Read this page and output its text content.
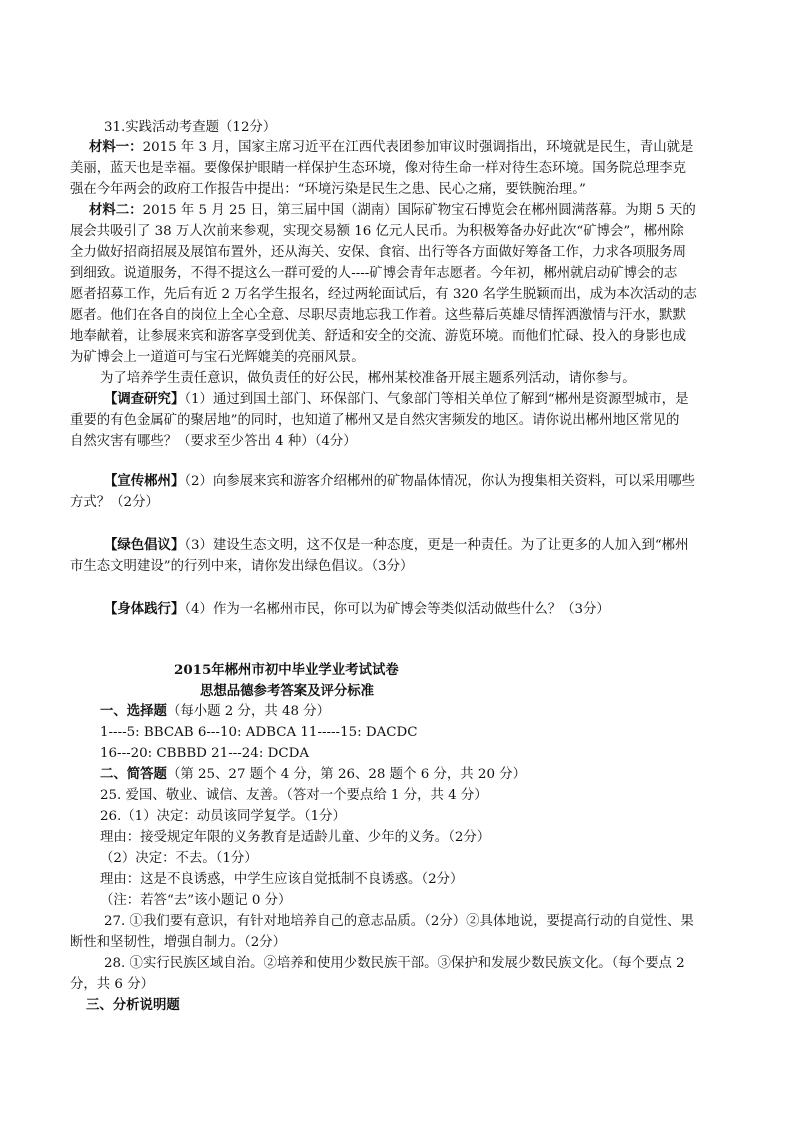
31.实践活动考查题（12分）
材料一：2015 年 3 月，国家主席习近平在江西代表团参加审议时强调指出，环境就是民生，青山就是
美丽，蓝天也是幸福。要像保护眼睛一样保护生态环境，像对待生命一样对待生态环境。国务院总理李克
强在今年两会的政府工作报告中提出：“环境污染是民生之患、民心之痛，要铁腕治理。”
材料二：2015 年 5 月 25 日，第三届中国（湖南）国际矿物宝石博览会在郴州圆满落幕。为期 5 天的
展会共吸引了 38 万人次前来参观，实现交易额 16 亿元人民币。为积极筹备办好此次“矿博会”，郴州除
全力做好招商招展及展馆布置外，还从海关、安保、食宿、出行等各方面做好筹备工作，力求各项服务周
到细致。说道服务，不得不提这么一群可爱的人----矿博会青年志愿者。今年初，郴州就启动矿博会的志
愿者招募工作，先后有近 2 万名学生报名，经过两轮面试后，有 320 名学生脱颖而出，成为本次活动的志
愿者。他们在各自的岗位上全心全意、尽职尽责地忘我工作着。这些幕后英雄尽情挥洒激情与汗水，默默
地奉献着，让参展来宾和游客享受到优美、舒适和安全的交流、游览环境。而他们忙碌、投入的身影也成
为矿博会上一道道可与宝石光辉媲美的亮丽风景。
为了培养学生责任意识，做负责任的好公民，郴州某校准备开展主题系列活动，请你参与。
【调查研究】（1）通过到国土部门、环保部门、气象部门等相关单位了解到“郴州是资源型城市，是
重要的有色金属矿的聚居地”的同时，也知道了郴州又是自然灾害频发的地区。请你说出郴州地区常见的
自然灾害有哪些？（要求至少答出 4 种）（4分）
【宣传郴州】（2）向参展来宾和游客介绍郴州的矿物晶体情况，你认为搜集相关资料，可以采用哪些
方式？（2分）
【绿色倡议】（3）建设生态文明，这不仅是一种态度，更是一种责任。为了让更多的人加入到“郴州
市生态文明建设”的行列中来，请你发出绿色倡议。（3分）
【身体践行】（4）作为一名郴州市民，你可以为矿博会等类似活动做些什么？（3分）
2015年郴州市初中毕业学业考试试卷
思想品德参考答案及评分标准
一、选择题（每小题 2 分，共 48 分）
1----5: BBCAB 6---10: ADBCA 11-----15: DACDC
16---20: CBBBD 21---24: DCDA
二、简答题（第 25、27 题个 4 分，第 26、28 题个 6 分，共 20 分）
25. 爱国、敬业、诚信、友善。（答对一个要点给 1 分，共 4 分）
26.（1）决定：动员该同学复学。（1分）
理由：接受规定年限的义务教育是适龄儿童、少年的义务。（2分）
（2）决定：不去。（1分）
理由：这是不良诱惑，中学生应该自觉抵制不良诱惑。（2分）
（注：若答“去”该小题记 0 分）
27. ①我们要有意识，有针对地培养自己的意志品质。（2分）②具体地说，要提高行动的自觉性、果
断性和坚韧性，增强自制力。（2分）
28. ①实行民族区域自治。②培养和使用少数民族干部。③保护和发展少数民族文化。（每个要点 2
分，共 6 分）
三、分析说明题
